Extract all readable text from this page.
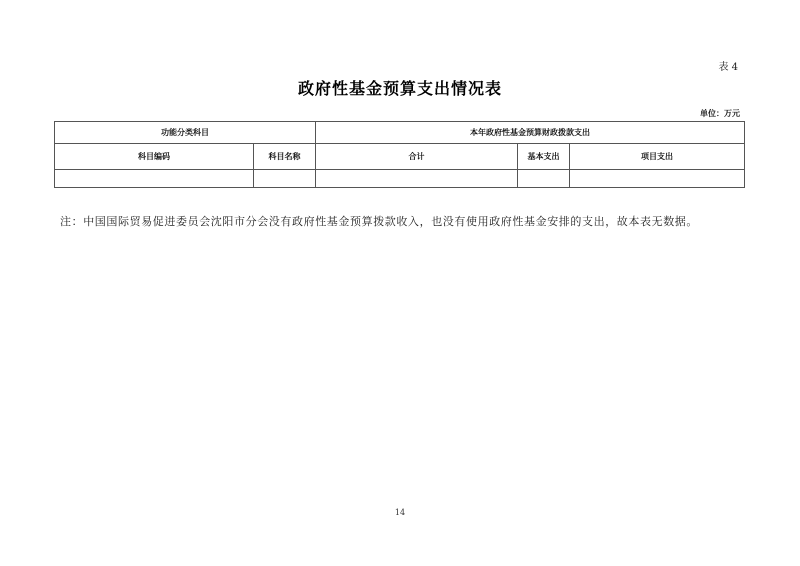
表 4
政府性基金预算支出情况表
单位：万元
功能分类科目		本年政府性基金预算财政拨款支出		
科目编码	科目名称	合计	基本支出	项目支出

注：中国国际贸易促进委员会沈阳市分会没有政府性基金预算拨款收入，也没有使用政府性基金安排的支出，故本表无数据。
14
